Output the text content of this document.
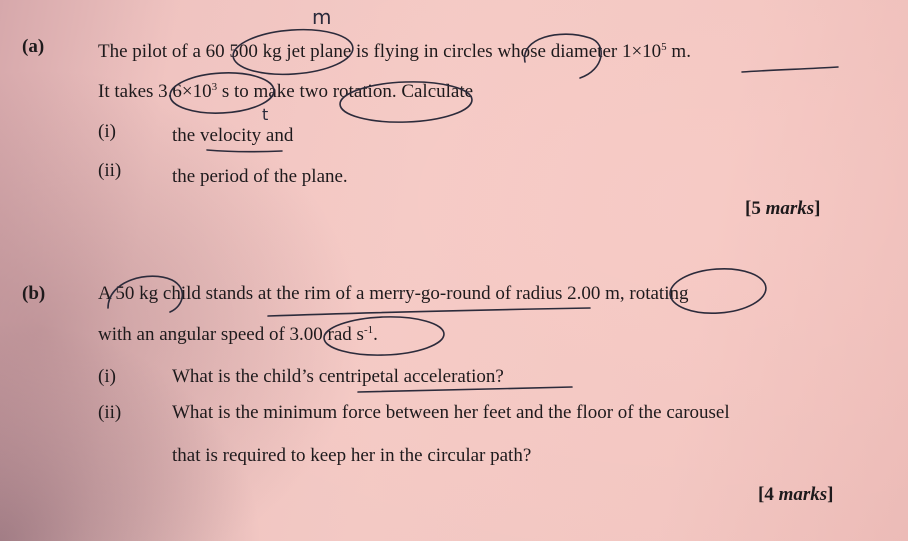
(a)	The pilot of a 60 500 kg jet plane is flying in circles whose diameter $1\times 10^5$ m.
It takes $3.6\times 10^3$ s to make two rotation. Calculate
(i)	the velocity and
(ii)	the period of the plane.
[5 marks]
(b)	A 50 kg child stands at the rim of a merry-go-round of radius 2.00 m, rotating
with an angular speed of 3.00 rad $s^{-1}$.
(i)	What is the child’s centripetal acceleration?
(ii)	What is the minimum force between her feet and the floor of the carousel
that is required to keep her in the circular path?
[4 marks]
m
t
